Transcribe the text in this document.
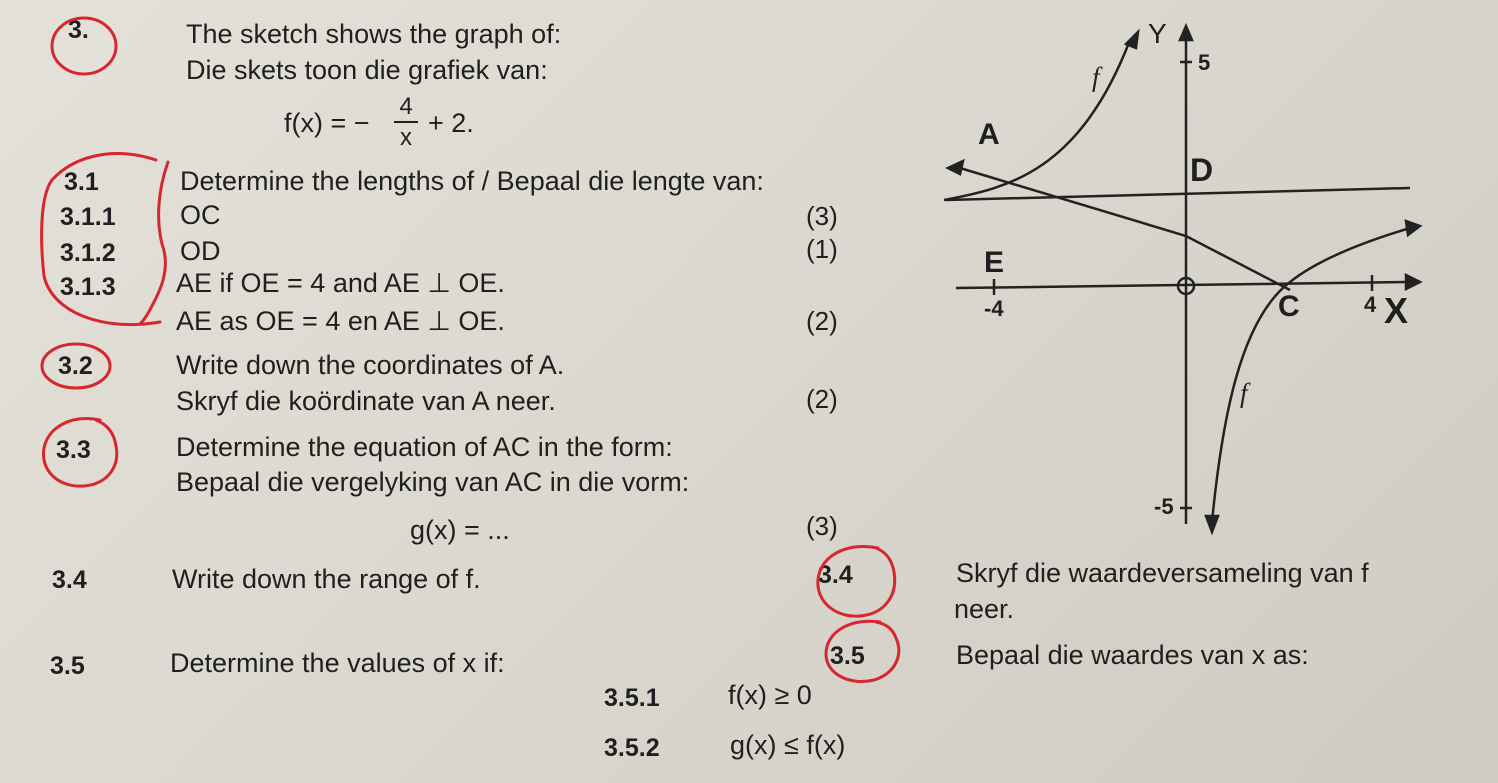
3.	The sketch shows the graph of:
Die skets toon die grafiek van:
f(x) = −
4
x + 2.
3.1	Determine the lengths of / Bepaal die lengte van:
3.1.1 OC	(3)
3.1.2 OD	(1)
3.1.3 AE if OE = 4 and AE ⊥ OE.
AE as OE = 4 en AE ⊥ OE.	(2)
3.2	Write down the coordinates of A.
Skryf die koördinate van A neer.	(2)
3.3	Determine the equation of AC in the form:
Bepaal die vergelyking van AC in die vorm:
g(x) = ...	(3)
3.4	Write down the range of f.	3.4	Skryf die waardeversameling van f
neer.
3.5	Determine the values of x if:	3.5	Bepaal die waardes van x as:
3.5.1	f(x) ≥ 0
3.5.2	g(x) ≤ f(x)
Y
5
f
A
D
E
-4	C	4 X
f
-5
